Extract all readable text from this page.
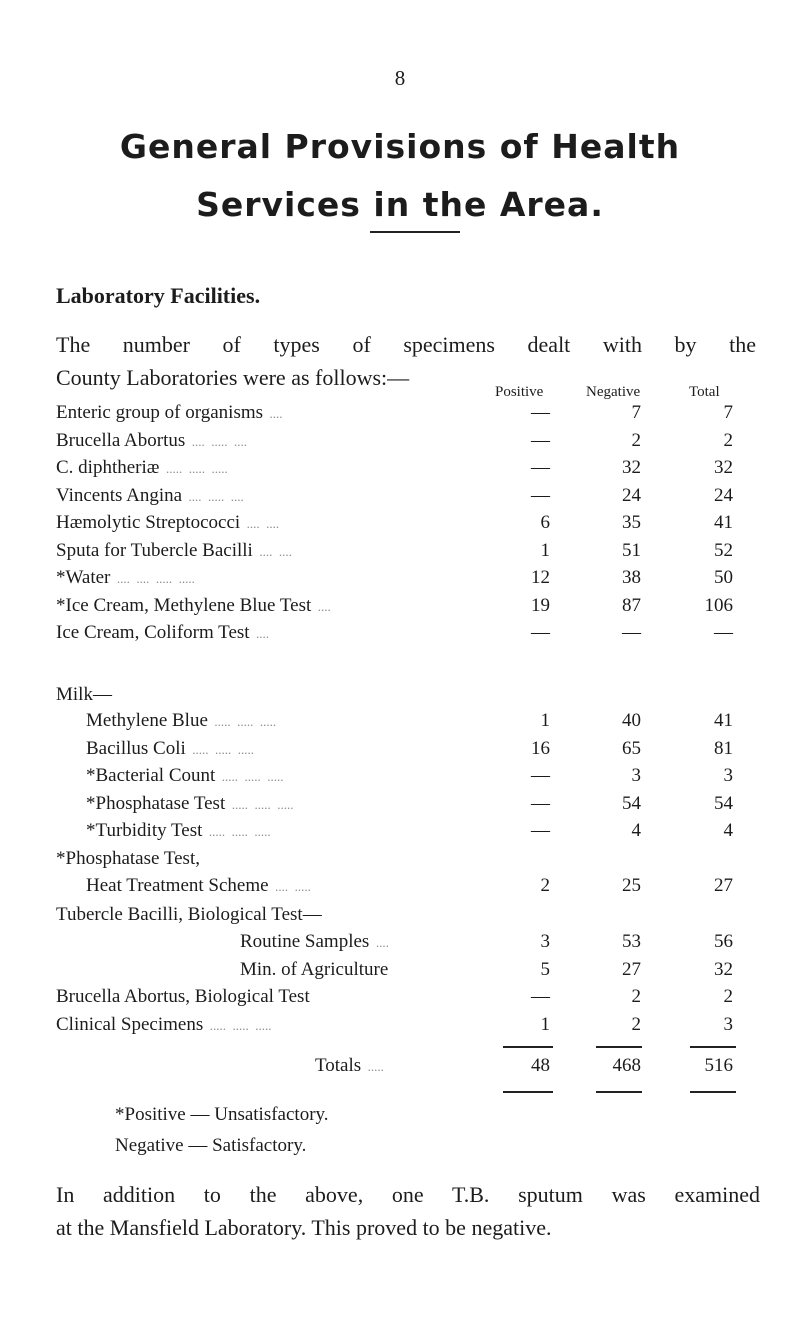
8
General Provisions of Health
Services in the Area.
Laboratory Facilities.
The number of types of specimens dealt with by the
County Laboratories were as follows:—
Positive	Negative	Total
Enteric group of organisms  ....	—	7	7
Brucella Abortus  ....  .....  ....	—	2	2
C. diphtheriæ  .....  .....  .....	—	32	32
Vincents Angina  ....  .....  ....	—	24	24
Hæmolytic Streptococci  ....  ....	6	35	41
Sputa for Tubercle Bacilli  ....  ....	1	51	52
*Water  ....  ....  .....  .....	12	38	50
*Ice Cream, Methylene Blue Test  ....	19	87	106
Ice Cream, Coliform Test  ....	—	—	—
Milk—
Methylene Blue  .....  .....  .....	1	40	41
Bacillus Coli  .....  .....  .....	16	65	81
*Bacterial Count  .....  .....  .....	—	3	3
*Phosphatase Test  .....  .....  .....	—	54	54
*Turbidity Test  .....  .....  .....	—	4	4
*Phosphatase Test,
Heat Treatment Scheme  ....  .....	2	25	27
Tubercle Bacilli, Biological Test—
Routine Samples  ....	3	53	56
Min. of Agriculture	5	27	32
Brucella Abortus, Biological Test	—	2	2
Clinical Specimens  .....  .....  .....	1	2	3
Totals  .....	48	468	516
*Positive — Unsatisfactory.
In addition to the above, one T.B. sputum was examined
at the Mansfield Laboratory. This proved to be negative.
Negative — Satisfactory.
